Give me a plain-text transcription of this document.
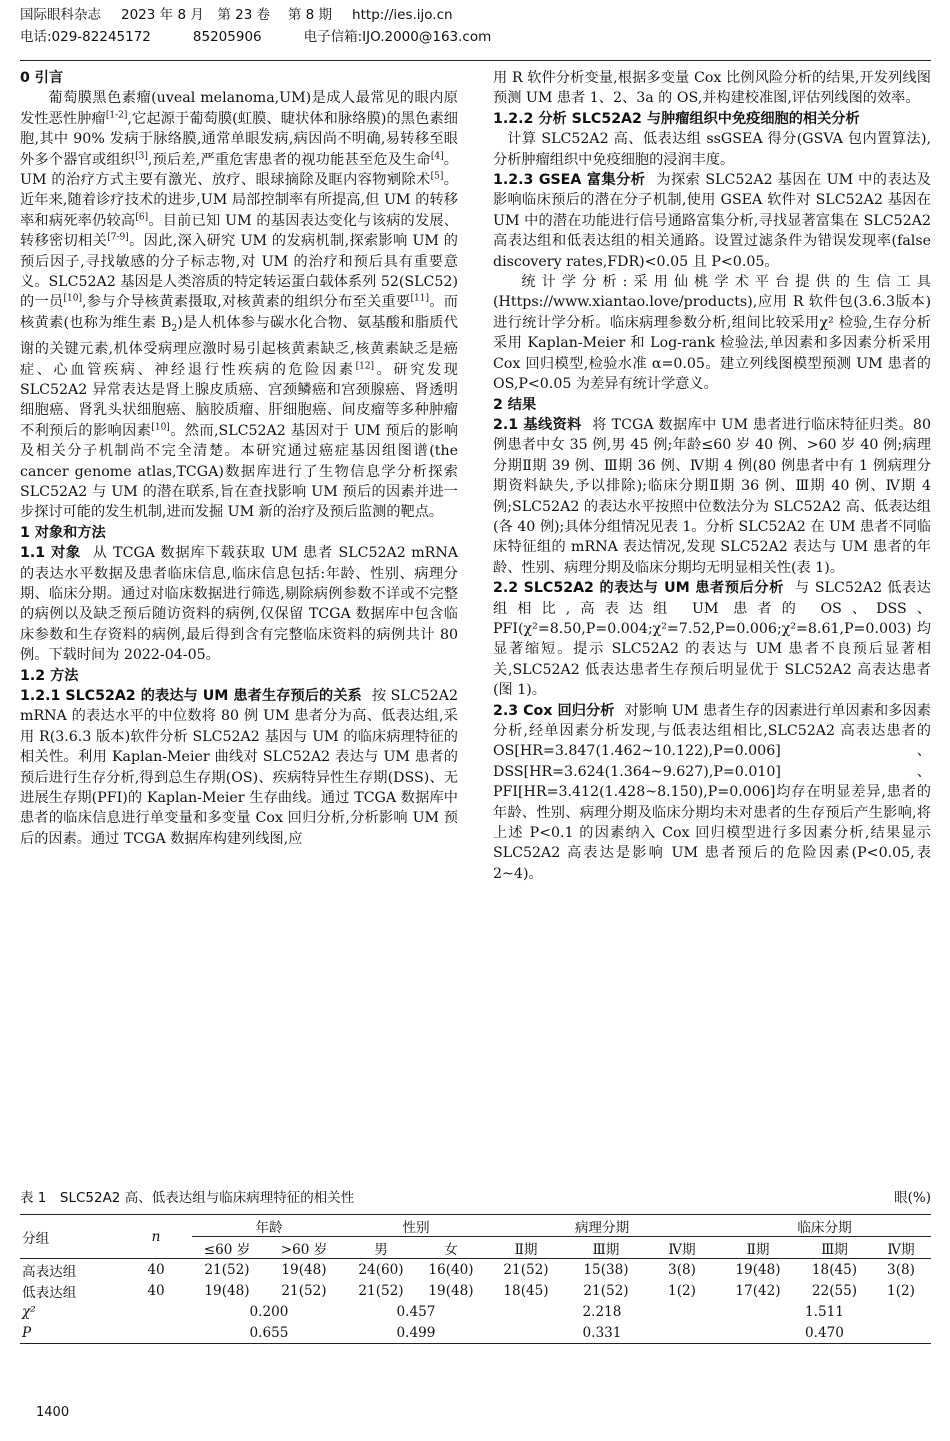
国际眼科杂志 2023 年 8 月　第 23 卷　 第 8 期 http://ies.ijo.cn
电话:029-82245172	85205906	电子信箱:IJO.2000@163.com
0 引言

葡萄膜黑色素瘤(uveal melanoma,UM)是成人最常见的眼内原发性恶性肿瘤[1-2],它起源于葡萄膜(虹膜、睫状体和脉络膜)的黑色素细胞,其中 90% 发病于脉络膜,通常单眼发病,病因尚不明确,易转移至眼外多个器官或组织[3],预后差,严重危害患者的视功能甚至危及生命[4]。UM 的治疗方式主要有激光、放疗、眼球摘除及眶内容物剜除术[5]。近年来,随着诊疗技术的进步,UM 局部控制率有所提高,但 UM 的转移率和病死率仍较高[6]。目前已知 UM 的基因表达变化与该病的发展、转移密切相关[7-9]。因此,深入研究 UM 的发病机制,探索影响 UM 的预后因子,寻找敏感的分子标志物,对 UM 的治疗和预后具有重要意义。SLC52A2 基因是人类溶质的特定转运蛋白载体系列 52(SLC52)的一员[10],参与介导核黄素摄取,对核黄素的组织分布至关重要[11]。而核黄素(也称为维生素 $B_2$)是人机体参与碳水化合物、氨基酸和脂质代谢的关键元素,机体受病理应激时易引起核黄素缺乏,核黄素缺乏是癌症、心血管疾病、神经退行性疾病的危险因素[12]。研究发现 SLC52A2 异常表达是肾上腺皮质癌、宫颈鳞癌和宫颈腺癌、肾透明细胞癌、肾乳头状细胞癌、脑胶质瘤、肝细胞癌、间皮瘤等多种肿瘤不利预后的影响因素[10]。然而,SLC52A2 基因对于 UM 预后的影响及相关分子机制尚不完全清楚。本研究通过癌症基因组图谱(the cancer genome atlas,TCGA)数据库进行了生物信息学分析探索 SLC52A2 与 UM 的潜在联系,旨在查找影响 UM 预后的因素并进一步探讨可能的发生机制,进而发掘 UM 新的治疗及预后监测的靶点。

1 对象和方法

1.1 对象 从 TCGA 数据库下载获取 UM 患者 SLC52A2 mRNA 的表达水平数据及患者临床信息,临床信息包括:年龄、性别、病理分期、临床分期。通过对临床数据进行筛选,剔除病例参数不详或不完整的病例以及缺乏预后随访资料的病例,仅保留 TCGA 数据库中包含临床参数和生存资料的病例,最后得到含有完整临床资料的病例共计 80 例。下载时间为 2022-04-05。

1.2 方法

1.2.1 SLC52A2 的表达与 UM 患者生存预后的关系 按 SLC52A2 mRNA 的表达水平的中位数将 80 例 UM 患者分为高、低表达组,采用 R(3.6.3 版本)软件分析 SLC52A2 基因与 UM 的临床病理特征的相关性。利用 Kaplan-Meier 曲线对 SLC52A2 表达与 UM 患者的预后进行生存分析,得到总生存期(OS)、疾病特异性生存期(DSS)、无进展生存期(PFI)的 Kaplan-Meier 生存曲线。通过 TCGA 数据库中患者的临床信息进行单变量和多变量 Cox 回归分析,分析影响 UM 预后的因素。通过 TCGA 数据库构建列线图,应

用 R 软件分析变量,根据多变量 Cox 比例风险分析的结果,开发列线图预测 UM 患者 1、2、3a 的 OS,并构建校准图,评估列线图的效率。

1.2.2 分析 SLC52A2 与肿瘤组织中免疫细胞的相关分析
计算 SLC52A2 高、低表达组 ssGSEA 得分(GSVA 包内置算法),分析肿瘤组织中免疫细胞的浸润丰度。

1.2.3 GSEA 富集分析 为探索 SLC52A2 基因在 UM 中的表达及影响临床预后的潜在分子机制,使用 GSEA 软件对 SLC52A2 基因在 UM 中的潜在功能进行信号通路富集分析,寻找显著富集在 SLC52A2 高表达组和低表达组的相关通路。设置过滤条件为错误发现率(false discovery rates,FDR)<0.05 且 P<0.05。

统计学分析:采用仙桃学术平台提供的生信工具(Https://www.xiantao.love/products),应用 R 软件包(3.6.3版本)进行统计学分析。临床病理参数分析,组间比较采用χ² 检验,生存分析采用 Kaplan-Meier 和 Log-rank 检验法,单因素和多因素分析采用 Cox 回归模型,检验水准 α=0.05。建立列线图模型预测 UM 患者的 OS,P<0.05 为差异有统计学意义。

2 结果

2.1 基线资料 将 TCGA 数据库中 UM 患者进行临床特征归类。80 例患者中女 35 例,男 45 例;年龄≤60 岁 40 例、>60 岁 40 例;病理分期Ⅱ期 39 例、Ⅲ期 36 例、Ⅳ期 4 例(80 例患者中有 1 例病理分期资料缺失,予以排除);临床分期Ⅱ期 36 例、Ⅲ期 40 例、Ⅳ期 4 例;SLC52A2 的表达水平按照中位数法分为 SLC52A2 高、低表达组(各 40 例);具体分组情况见表 1。分析 SLC52A2 在 UM 患者不同临床特征组的 mRNA 表达情况,发现 SLC52A2 表达与 UM 患者的年龄、性别、病理分期及临床分期均无明显相关性(表 1)。

2.2 SLC52A2 的表达与 UM 患者预后分析 与 SLC52A2 低表达组相比,高表达组 UM 患者的 OS、DSS、PFI(χ²=8.50,P=0.004;χ²=7.52,P=0.006;χ²=8.61,P=0.003)均显著缩短。提示 SLC52A2 的表达与 UM 患者不良预后显著相关,SLC52A2 低表达患者生存预后明显优于 SLC52A2 高表达患者(图 1)。

2.3 Cox 回归分析 对影响 UM 患者生存的因素进行单因素和多因素分析,经单因素分析发现,与低表达组相比,SLC52A2 高表达患者的 OS[HR=3.847(1.462~10.122),P=0.006]、DSS[HR=3.624(1.364~9.627),P=0.010]、PFI[HR=3.412(1.428~8.150),P=0.006]均存在明显差异,患者的年龄、性别、病理分期及临床分期均未对患者的生存预后产生影响,将上述 P<0.1 的因素纳入 Cox 回归模型进行多因素分析,结果显示 SLC52A2 高表达是影响 UM 患者预后的危险因素(P<0.05,表 2~4)。

表 1　SLC52A2 高、低表达组与临床病理特征的相关性	眼(%)
分组	n	年龄		性别		病理分期			临床分期		
		≤60 岁	>60 岁	男	女	Ⅱ期	Ⅲ期	Ⅳ期	Ⅱ期	Ⅲ期	Ⅳ期
高表达组	40	21(52)	19(48)	24(60)	16(40)	21(52)	15(38)	3(8)	19(48)	18(45)	3(8)
低表达组	40	19(48)	21(52)	21(52)	19(48)	18(45)	21(52)	1(2)	17(42)	22(55)	1(2)
χ²		0.200		0.457		2.218			1.511		
P		0.655		0.499		0.331			0.470		
1400
